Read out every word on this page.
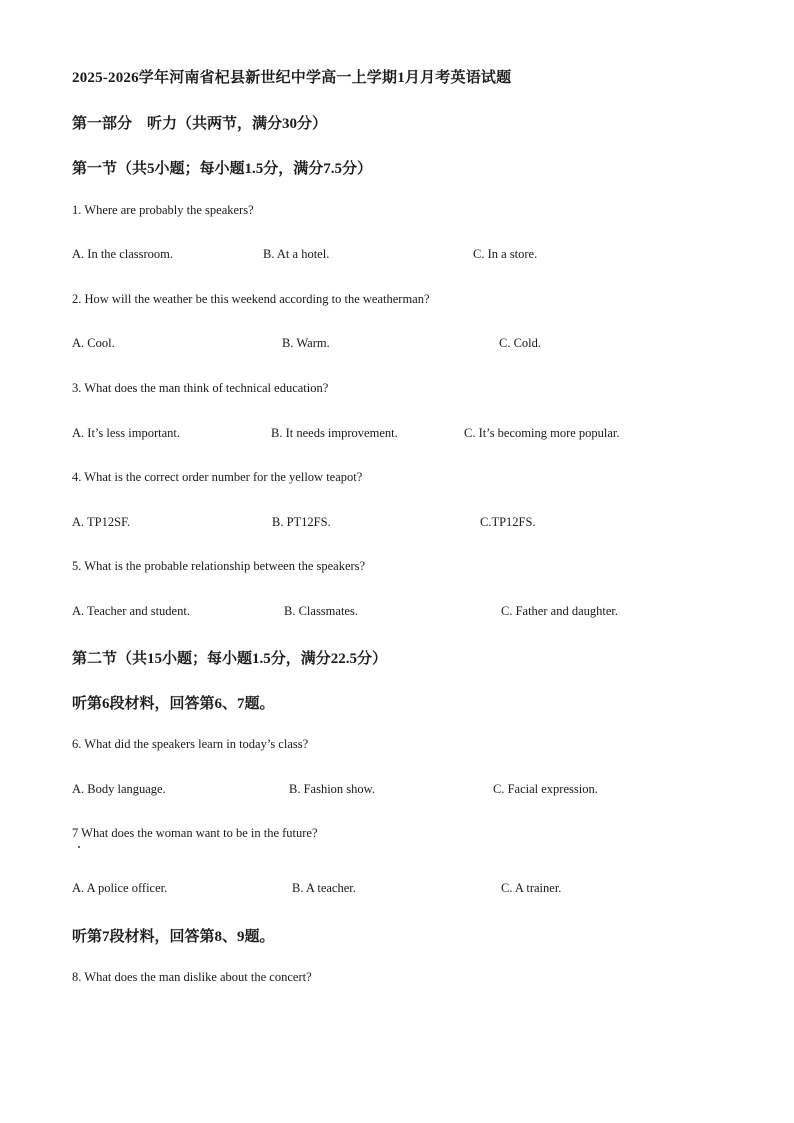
2025-2026学年河南省杞县新世纪中学高一上学期1月月考英语试题
第一部分　听力（共两节，满分30分）
第一节（共5小题；每小题1.5分，满分7.5分）
1. Where are probably the speakers?
A. In the classroom.	B. At a hotel.	C. In a store.
2. How will the weather be this weekend according to the weatherman?
A. Cool.	B. Warm.	C. Cold.
3. What does the man think of technical education?
A. It’s less important.	B. It needs improvement.	C. It’s becoming more popular.
4. What is the correct order number for the yellow teapot?
A. TP12SF.	B. PT12FS.	C.TP12FS.
5. What is the probable relationship between the speakers?
A. Teacher and student.	B. Classmates.	C. Father and daughter.
第二节（共15小题；每小题1.5分，满分22.5分）
听第6段材料，回答第6、7题。
6. What did the speakers learn in today’s class?
A. Body language.	B. Fashion show.	C. Facial expression.
7 What does the woman want to be in the future?
A. A police officer.	B. A teacher.	C. A trainer.
听第7段材料，回答第8、9题。
8. What does the man dislike about the concert?
